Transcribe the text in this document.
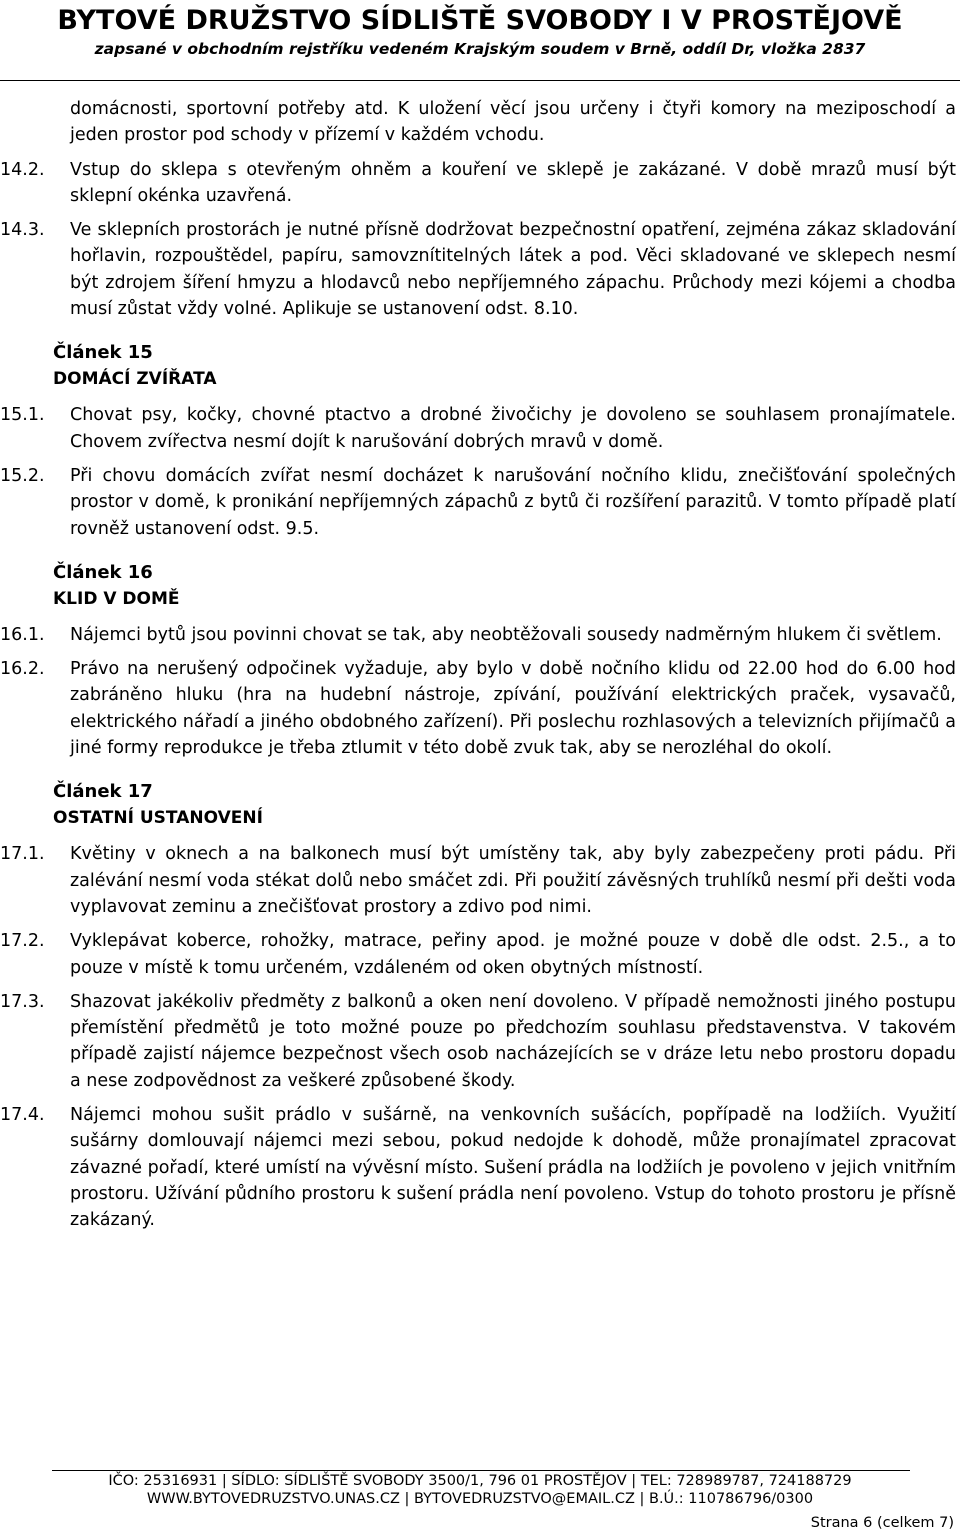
BYTOVÉ DRUŽSTVO SÍDLIŠTĚ SVOBODY I V PROSTĚJOVĚ
zapsané v obchodním rejstříku vedeném Krajským soudem v Brně, oddíl Dr, vložka 2837
domácnosti, sportovní potřeby atd. K uložení věcí jsou určeny i čtyři komory na meziposchodí a jeden prostor pod schody v přízemí v každém vchodu.
14.2.	Vstup do sklepa s otevřeným ohněm a kouření ve sklepě je zakázané. V době mrazů musí být sklepní okénka uzavřená.
14.3.	Ve sklepních prostorách je nutné přísně dodržovat bezpečnostní opatření, zejména zákaz skladování hořlavin, rozpouštědel, papíru, samovznítitelných látek a pod. Věci skladované ve sklepech nesmí být zdrojem šíření hmyzu a hlodavců nebo nepříjemného zápachu. Průchody mezi kójemi a chodba musí zůstat vždy volné. Aplikuje se ustanovení odst. 8.10.
Článek 15
DOMÁCÍ ZVÍŘATA
15.1.	Chovat psy, kočky, chovné ptactvo a drobné živočichy je dovoleno se souhlasem pronajímatele. Chovem zvířectva nesmí dojít k narušování dobrých mravů v domě.
15.2.	Při chovu domácích zvířat nesmí docházet k narušování nočního klidu, znečišťování společných prostor v domě, k pronikání nepříjemných zápachů z bytů či rozšíření parazitů. V tomto případě platí rovněž ustanovení odst. 9.5.
Článek 16
KLID V DOMĚ
16.1.	Nájemci bytů jsou povinni chovat se tak, aby neobtěžovali sousedy nadměrným hlukem či světlem.
16.2.	Právo na nerušený odpočinek vyžaduje, aby bylo v době nočního klidu od 22.00 hod do 6.00 hod zabráněno hluku (hra na hudební nástroje, zpívání, používání elektrických praček, vysavačů, elektrického nářadí a jiného obdobného zařízení). Při poslechu rozhlasových a televizních přijímačů a jiné formy reprodukce je třeba ztlumit v této době zvuk tak, aby se nerozléhal do okolí.
Článek 17
OSTATNÍ USTANOVENÍ
17.1.	Květiny v oknech a na balkonech musí být umístěny tak, aby byly zabezpečeny proti pádu. Při zalévání nesmí voda stékat dolů nebo smáčet zdi. Při použití závěsných truhlíků nesmí při dešti voda vyplavovat zeminu a znečišťovat prostory a zdivo pod nimi.
17.2.	Vyklepávat koberce, rohožky, matrace, peřiny apod. je možné pouze v době dle odst. 2.5., a to pouze v místě k tomu určeném, vzdáleném od oken obytných místností.
17.3.	Shazovat jakékoliv předměty z balkonů a oken není dovoleno. V případě nemožnosti jiného postupu přemístění předmětů je toto možné pouze po předchozím souhlasu představenstva. V takovém případě zajistí nájemce bezpečnost všech osob nacházejících se v dráze letu nebo prostoru dopadu a nese zodpovědnost za veškeré způsobené škody.
17.4.	Nájemci mohou sušit prádlo v sušárně, na venkovních sušácích, popřípadě na lodžiích. Využití sušárny domlouvají nájemci mezi sebou, pokud nedojde k dohodě, může pronajímatel zpracovat závazné pořadí, které umístí na vývěsní místo. Sušení prádla na lodžiích je povoleno v jejich vnitřním prostoru. Užívání půdního prostoru k sušení prádla není povoleno. Vstup do tohoto prostoru je přísně zakázaný.
IČO: 25316931 | SÍDLO: SÍDLIŠTĚ SVOBODY 3500/1, 796 01 PROSTĚJOV | TEL: 728989787, 724188729
WWW.BYTOVEDRUZSTVO.UNAS.CZ | BYTOVEDRUZSTVO@EMAIL.CZ | B.Ú.: 110786796/0300
Strana 6 (celkem 7)
